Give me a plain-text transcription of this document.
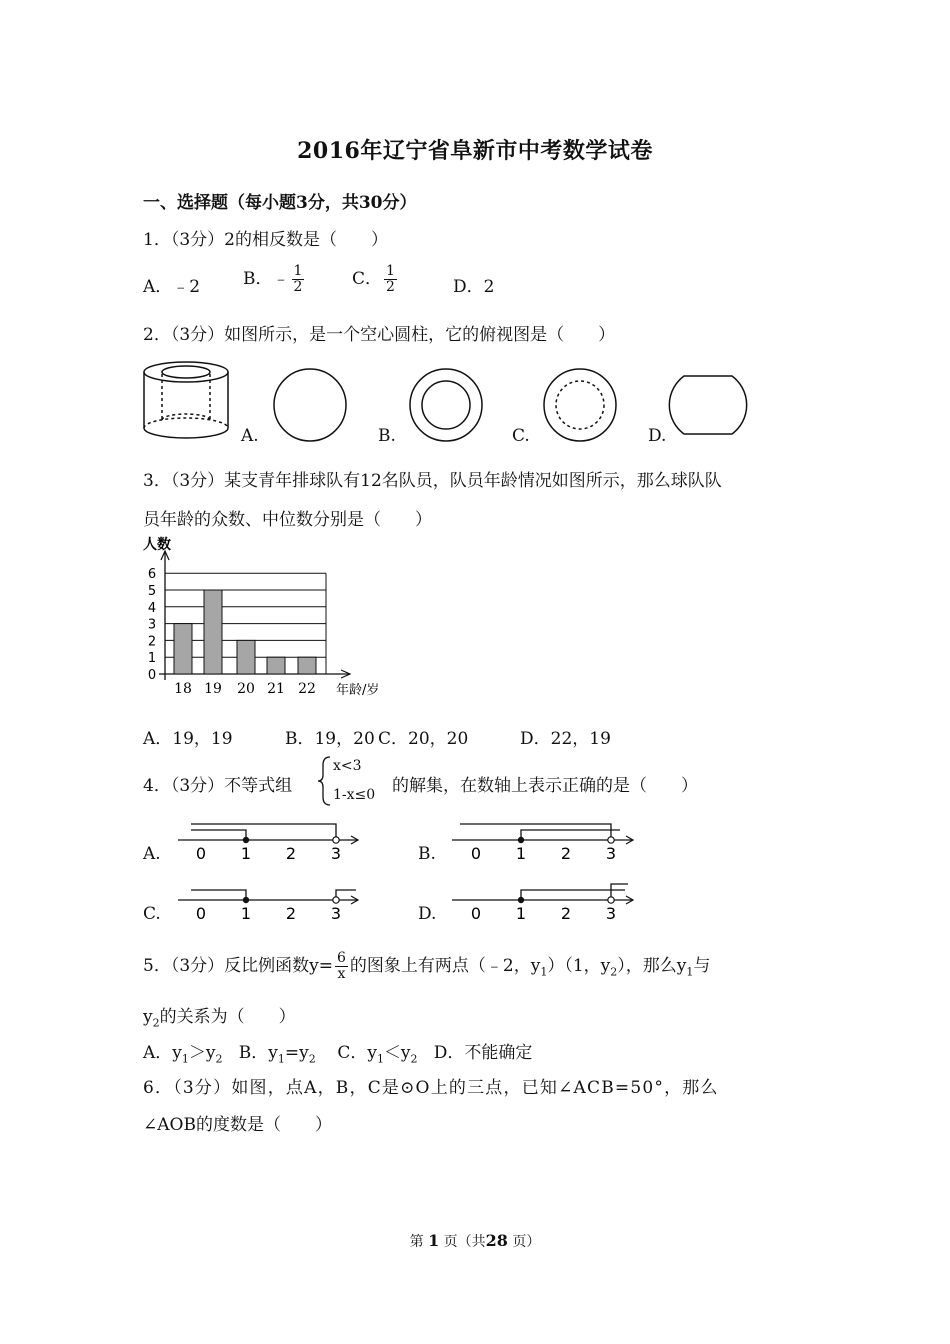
2016年辽宁省阜新市中考数学试卷
一、选择题（每小题3分，共30分）
1．（3分）2的相反数是（　　）
A．﹣2	B．﹣ $\frac{1}{2}$	C． $\frac{1}{2}$	D．2
2．（3分）如图所示，是一个空心圆柱，它的俯视图是（　　）
A.	B.	C.	D.
3．（3分）某支青年排球队有12名队员，队员年龄情况如图所示，那么球队队
员年龄的众数、中位数分别是（　　）
0
1
2
3
4
5
6
18 19 20 21 22
人数
年龄/岁
A．19，19	B．19，20 C．20，20	D．22，19
4．（3分）不等式组
x<3
1-x≤0 的解集，在数轴上表示正确的是（　　）
A.	B.
C.	D.
0 1 2 3	0 1 2 3
0 1 2 3	0 1 2 3
5．（3分）反比例函数$y= \frac{6}{x}$ 的图象上有两点（﹣2，$y_1)(1$，$y_2$），那么$y_1$与
$y_2$的关系为（　　）
A．$y_1>y_2$ B．$y_1=y_2$ C．$y_1<y_2$ D．不能确定
6．（3分）如图，点A，B，C是⊙O上的三点，已知∠ACB=50°，那么
∠AOB的度数是（　　）
第 1 页（共28 页）
